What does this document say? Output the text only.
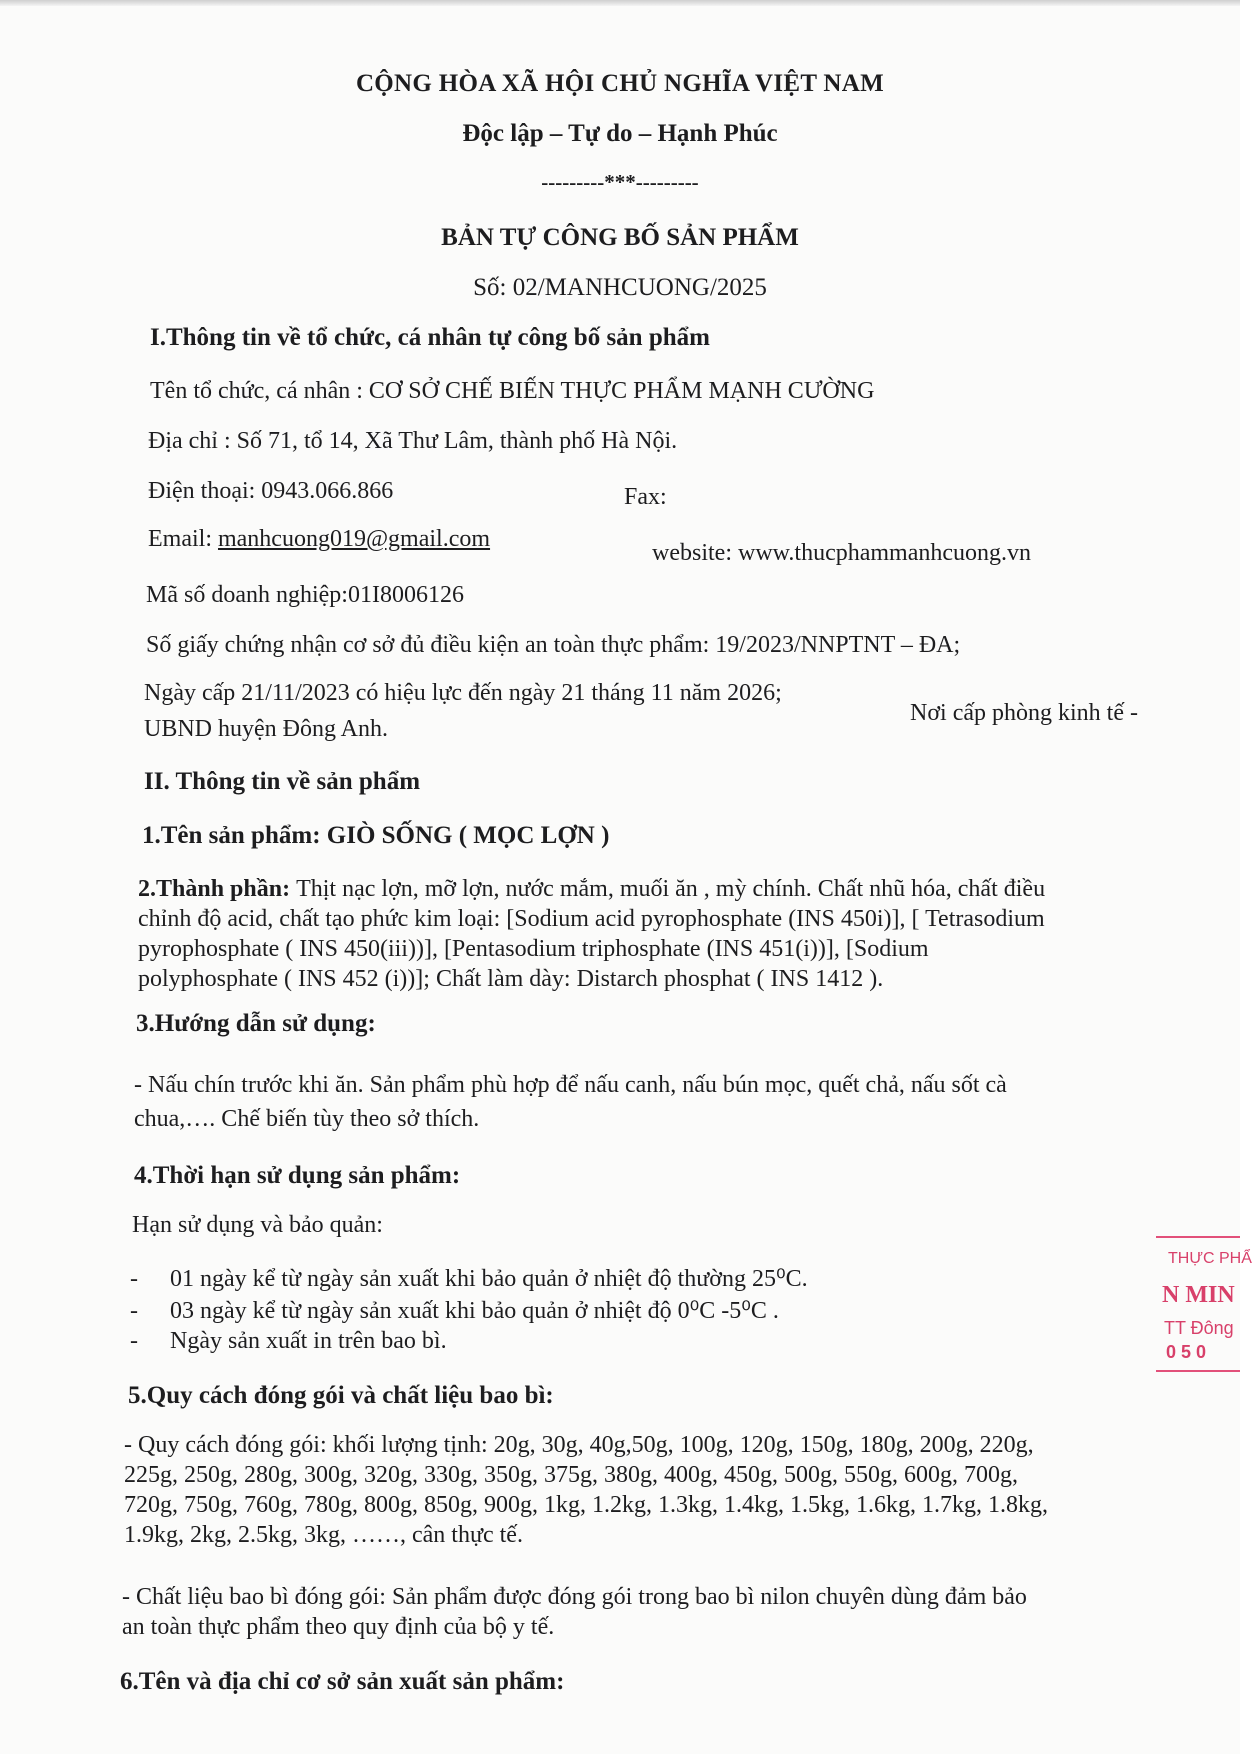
CỘNG HÒA XÃ HỘI CHỦ NGHĨA VIỆT NAM
Độc lập – Tự do – Hạnh Phúc
---------***---------
BẢN TỰ CÔNG BỐ SẢN PHẨM
Số: 02/MANHCUONG/2025
I.Thông tin về tổ chức, cá nhân tự công bố sản phẩm
Tên tổ chức, cá nhân : CƠ SỞ CHẾ BIẾN THỰC PHẨM MẠNH CƯỜNG
Địa chỉ : Số 71, tổ 14, Xã Thư Lâm, thành phố Hà Nội.
Điện thoại: 0943.066.866	Fax:
Email: manhcuong019@gmail.com
website: www.thucphammanhcuong.vn
Mã số doanh nghiệp:01I8006126
Số giấy chứng nhận cơ sở đủ điều kiện an toàn thực phẩm: 19/2023/NNPTNT – ĐA;
Ngày cấp 21/11/2023 có hiệu lực đến ngày 21 tháng 11 năm 2026;
Nơi cấp phòng kinh tế -
UBND huyện Đông Anh.
II. Thông tin về sản phẩm
1.Tên sản phẩm: GIÒ SỐNG ( MỌC LỢN )
2.Thành phần: Thịt nạc lợn, mỡ lợn, nước mắm, muối ăn , mỳ chính. Chất nhũ hóa, chất điều
chỉnh độ acid, chất tạo phức kim loại: [Sodium acid pyrophosphate (INS 450i)], [ Tetrasodium
pyrophosphate ( INS 450(iii))], [Pentasodium triphosphate (INS 451(i))], [Sodium
polyphosphate ( INS 452 (i))]; Chất làm dày: Distarch phosphat ( INS 1412 ).
3.Hướng dẫn sử dụng:
- Nấu chín trước khi ăn. Sản phẩm phù hợp để nấu canh, nấu bún mọc, quết chả, nấu sốt cà
chua,…. Chế biến tùy theo sở thích.
4.Thời hạn sử dụng sản phẩm:
Hạn sử dụng và bảo quản:
- 01 ngày kể từ ngày sản xuất khi bảo quản ở nhiệt độ thường 25⁰C.
- 03 ngày kể từ ngày sản xuất khi bảo quản ở nhiệt độ 0⁰C -5⁰C .
- Ngày sản xuất in trên bao bì.
5.Quy cách đóng gói và chất liệu bao bì:
- Quy cách đóng gói: khối lượng tịnh: 20g, 30g, 40g,50g, 100g, 120g, 150g, 180g, 200g, 220g,
225g, 250g, 280g, 300g, 320g, 330g, 350g, 375g, 380g, 400g, 450g, 500g, 550g, 600g, 700g,
720g, 750g, 760g, 780g, 800g, 850g, 900g, 1kg, 1.2kg, 1.3kg, 1.4kg, 1.5kg, 1.6kg, 1.7kg, 1.8kg,
1.9kg, 2kg, 2.5kg, 3kg, ……, cân thực tế.
- Chất liệu bao bì đóng gói: Sản phẩm được đóng gói trong bao bì nilon chuyên dùng đảm bảo
an toàn thực phẩm theo quy định của bộ y tế.
6.Tên và địa chỉ cơ sở sản xuất sản phẩm:
THỰC PHẨ
N MIN
TT Đông
0 5 0
